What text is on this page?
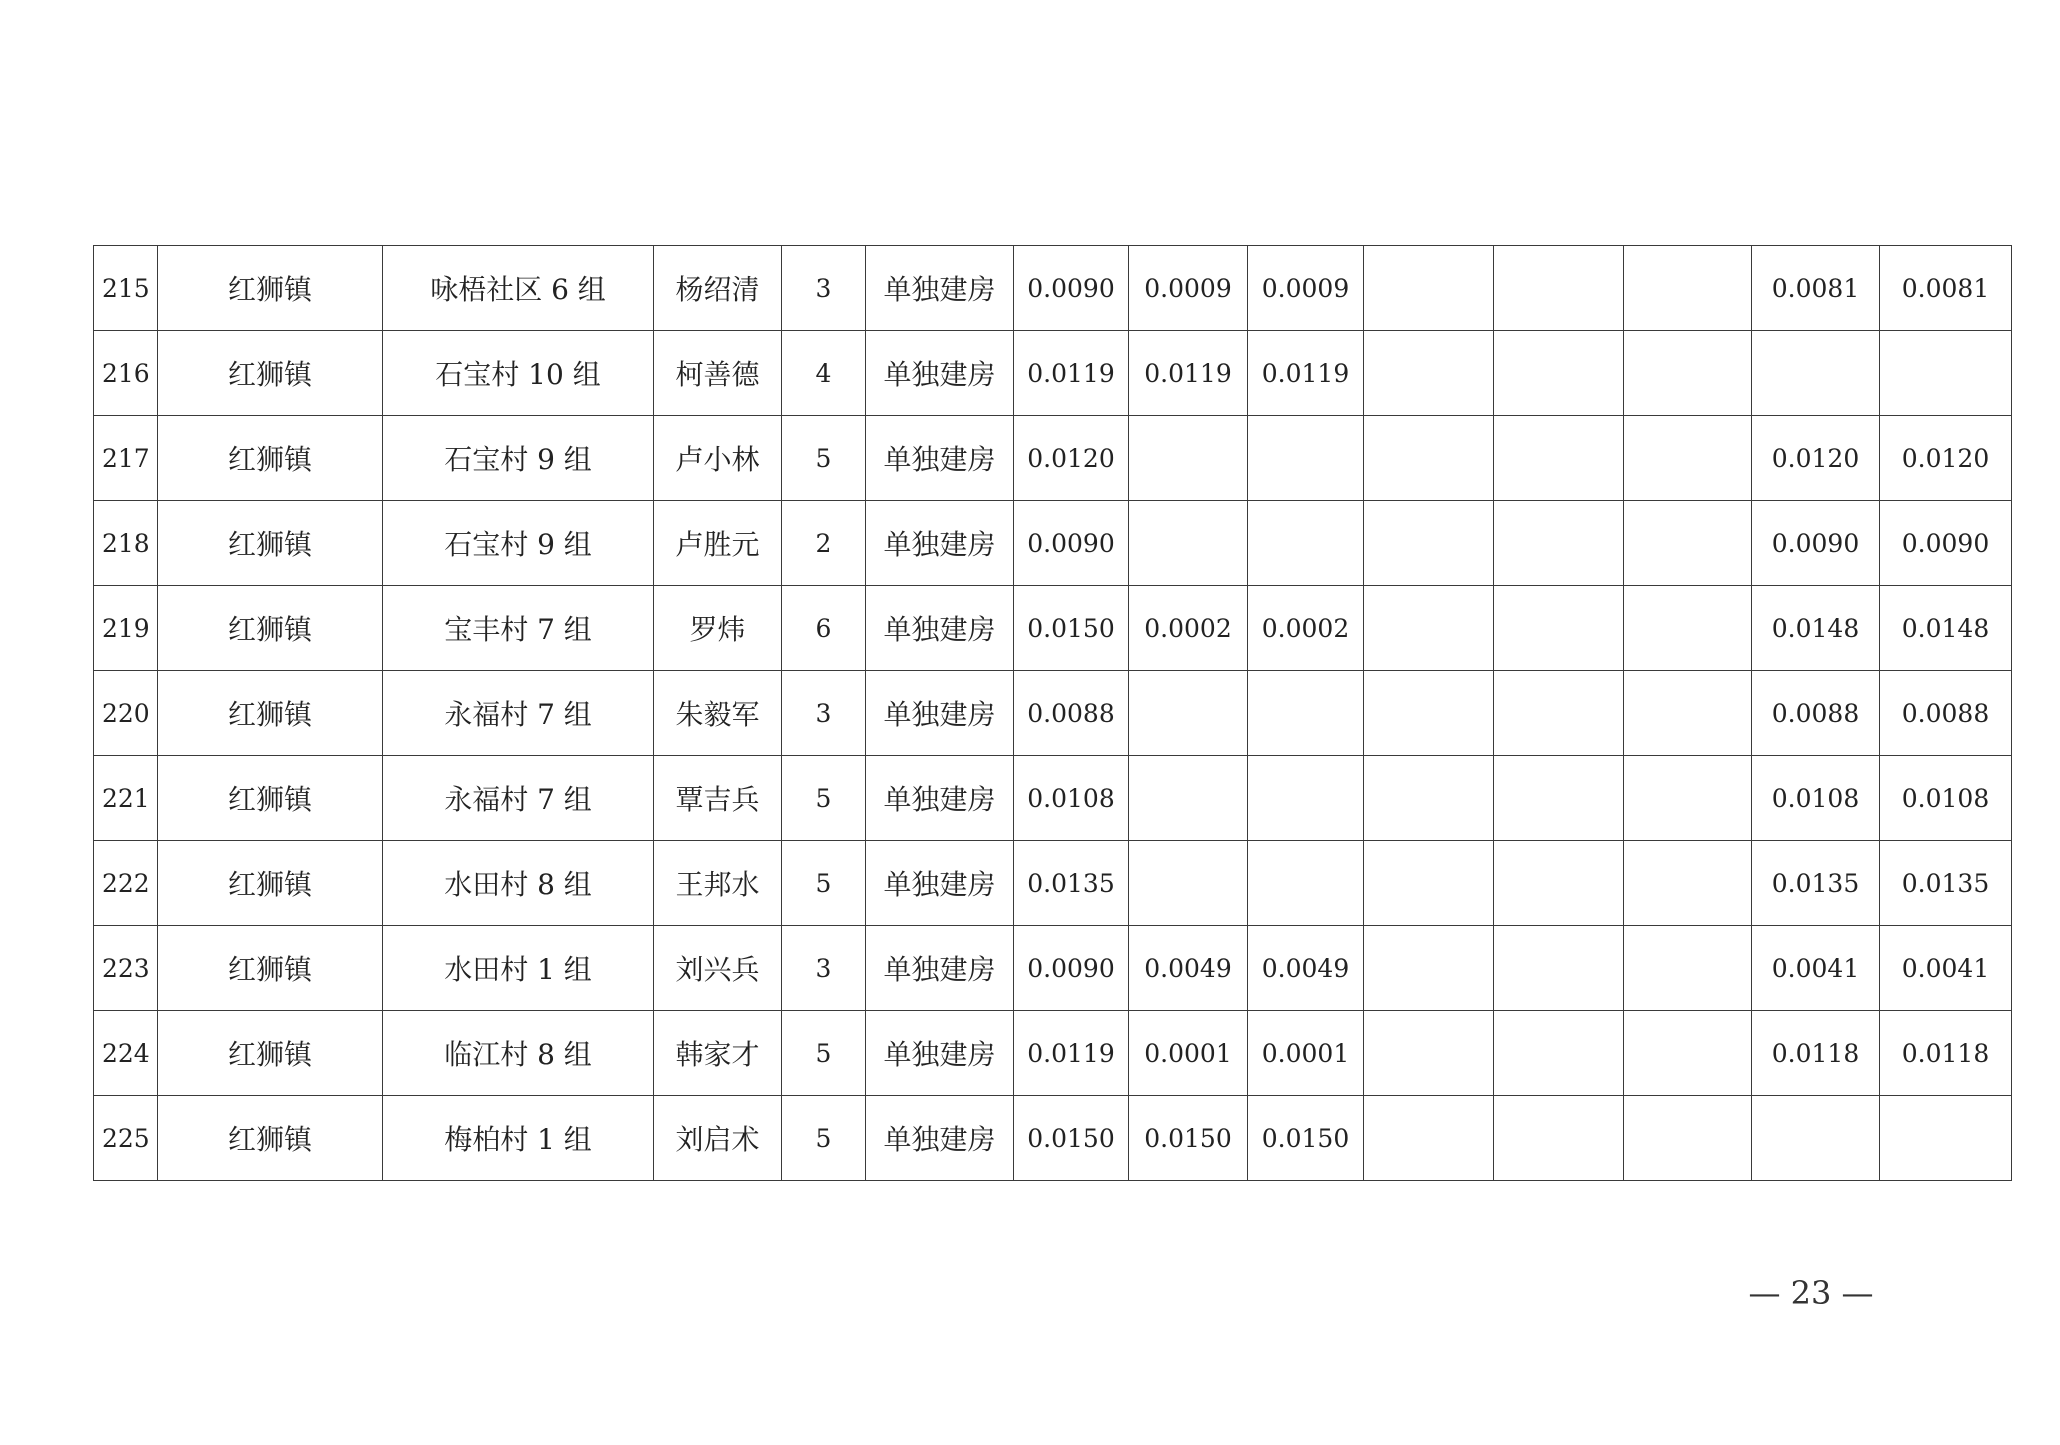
215	红狮镇	咏梧社区 6 组	杨绍清	3	单独建房	0.0090	0.0009	0.0009				0.0081	0.0081
216	红狮镇	石宝村 10 组	柯善德	4	单独建房	0.0119	0.0119	0.0119					
217	红狮镇	石宝村 9 组	卢小林	5	单独建房	0.0120						0.0120	0.0120
218	红狮镇	石宝村 9 组	卢胜元	2	单独建房	0.0090						0.0090	0.0090
219	红狮镇	宝丰村 7 组	罗炜	6	单独建房	0.0150	0.0002	0.0002				0.0148	0.0148
220	红狮镇	永福村 7 组	朱毅军	3	单独建房	0.0088						0.0088	0.0088
221	红狮镇	永福村 7 组	覃吉兵	5	单独建房	0.0108						0.0108	0.0108
222	红狮镇	水田村 8 组	王邦水	5	单独建房	0.0135						0.0135	0.0135
223	红狮镇	水田村 1 组	刘兴兵	3	单独建房	0.0090	0.0049	0.0049				0.0041	0.0041
224	红狮镇	临江村 8 组	韩家才	5	单独建房	0.0119	0.0001	0.0001				0.0118	0.0118
225	红狮镇	梅柏村 1 组	刘启术	5	单独建房	0.0150	0.0150	0.0150					
— 23 —
